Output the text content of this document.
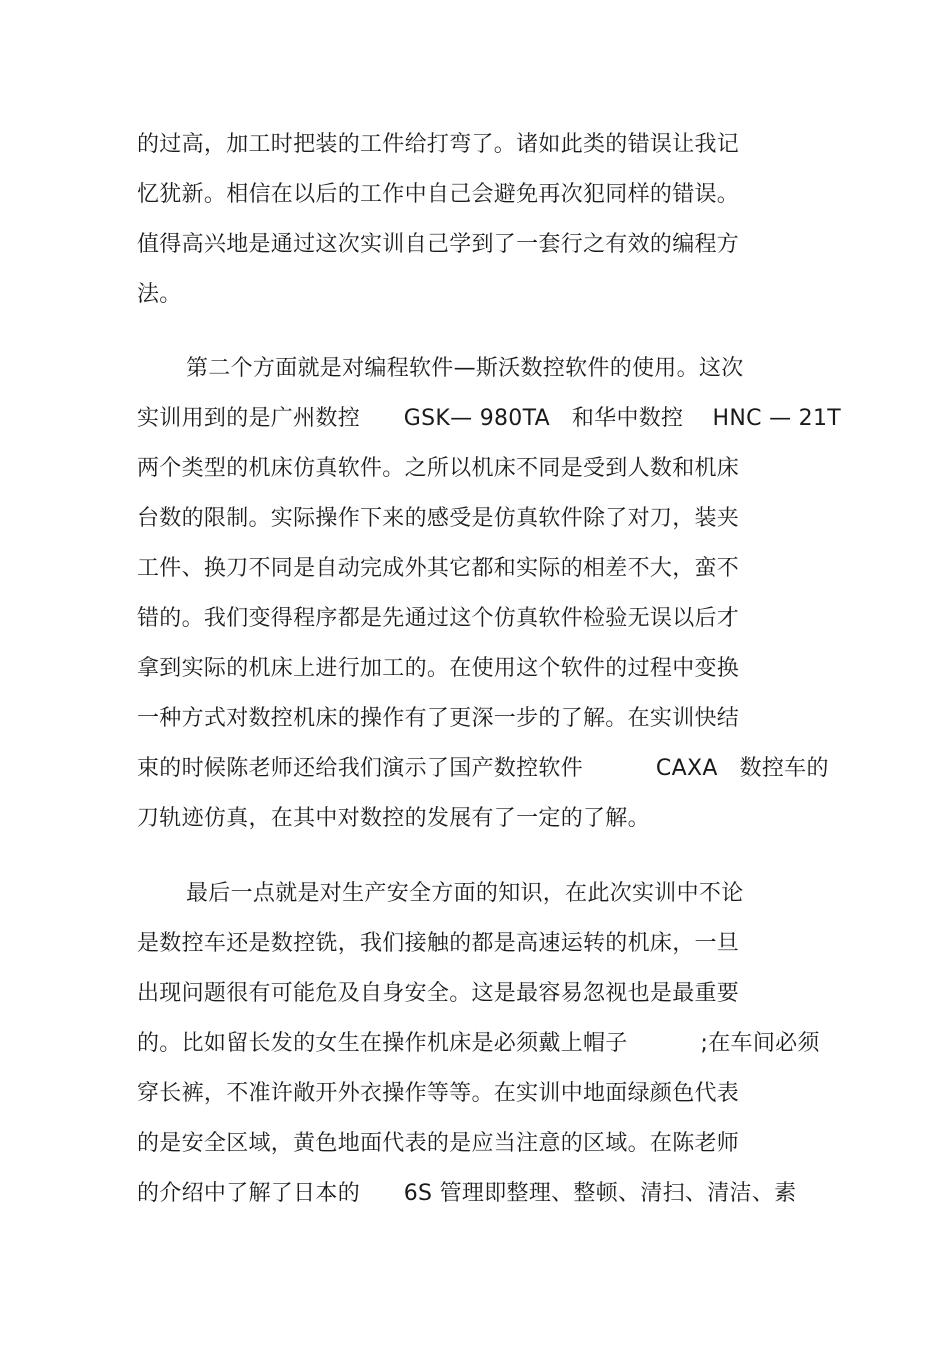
的过高，加工时把装的工件给打弯了。诸如此类的错误让我记
忆犹新。相信在以后的工作中自己会避免再次犯同样的错误。
值得高兴地是通过这次实训自己学到了一套行之有效的编程方
法。
第二个方面就是对编程软件—斯沃数控软件的使用。这次
实训用到的是广州数控      GSK— 980TA   和华中数控    HNC — 21T
两个类型的机床仿真软件。之所以机床不同是受到人数和机床
台数的限制。实际操作下来的感受是仿真软件除了对刀，装夹
工件、换刀不同是自动完成外其它都和实际的相差不大，蛮不
错的。我们变得程序都是先通过这个仿真软件检验无误以后才
拿到实际的机床上进行加工的。在使用这个软件的过程中变换
一种方式对数控机床的操作有了更深一步的了解。在实训快结
束的时候陈老师还给我们演示了国产数控软件          CAXA   数控车的
刀轨迹仿真，在其中对数控的发展有了一定的了解。
最后一点就是对生产安全方面的知识，在此次实训中不论
是数控车还是数控铣，我们接触的都是高速运转的机床，一旦
出现问题很有可能危及自身安全。这是最容易忽视也是最重要
的。比如留长发的女生在操作机床是必须戴上帽子          ;在车间必须
穿长裤，不准许敞开外衣操作等等。在实训中地面绿颜色代表
的是安全区域，黄色地面代表的是应当注意的区域。在陈老师
的介绍中了解了日本的      6S 管理即整理、整顿、清扫、清洁、素
